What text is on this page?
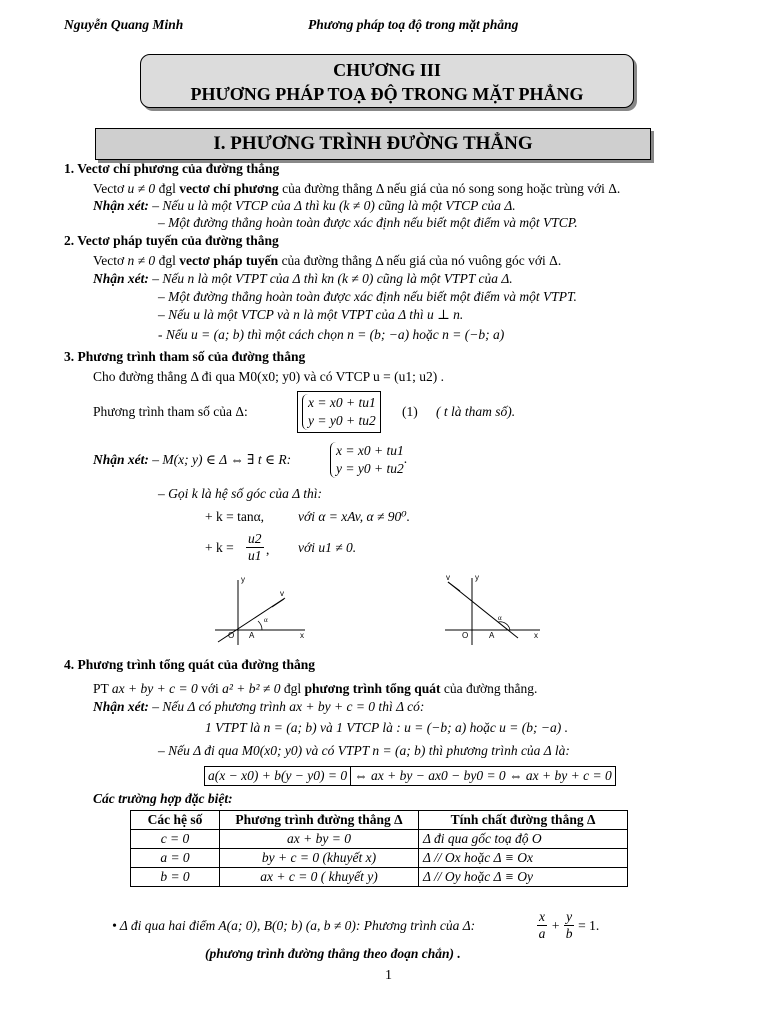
Nguyễn Quang Minh	Phương pháp toạ độ trong mặt phẳng
CHƯƠNG III
PHƯƠNG PHÁP TOẠ ĐỘ TRONG MẶT PHẲNG
I. PHƯƠNG TRÌNH ĐƯỜNG THẲNG
1. Vectơ chỉ phương của đường thẳng
Vectơ u ≠ 0 đgl vectơ chỉ phương của đường thẳng Δ nếu giá của nó song song hoặc trùng với Δ.
Nhận xét: – Nếu u là một VTCP của Δ thì ku (k ≠ 0) cũng là một VTCP của Δ.
– Một đường thẳng hoàn toàn được xác định nếu biết một điểm và một VTCP.
2. Vectơ pháp tuyến của đường thẳng
Vectơ n ≠ 0 đgl vectơ pháp tuyến của đường thẳng Δ nếu giá của nó vuông góc với Δ.
Nhận xét: – Nếu n là một VTPT của Δ thì kn (k ≠ 0) cũng là một VTPT của Δ.
– Một đường thẳng hoàn toàn được xác định nếu biết một điểm và một VTPT.
– Nếu u là một VTCP và n là một VTPT của Δ thì u ⊥ n.
- Nếu u = (a; b) thì một cách chọn n = (b; −a) hoặc n = (−b; a)
3. Phương trình tham số của đường thẳng
Cho đường thẳng Δ đi qua M0(x0; y0) và có VTCP u = (u1; u2) .
Phương trình tham số của Δ:
x = x0 + tu1
y = y0 + tu2
(1) ( t là tham số).
Nhận xét: – M(x; y) ∈ Δ ⇔ ∃ t ∈ R:
x = x0 + tu1
y = y0 + tu2.
– Gọi k là hệ số góc của Δ thì:
+ k = tanα,	với α = xAv, α ≠ 90⁰.
+ k =
u2
u1 , với u1 ≠ 0.
y
x
O A
v
α
y
x
O	A
v
α
4. Phương trình tổng quát của đường thẳng
PT ax + by + c = 0 với a² + b² ≠ 0 đgl phương trình tổng quát của đường thẳng.
Nhận xét: – Nếu Δ có phương trình ax + by + c = 0 thì Δ có:
1 VTPT là n = (a; b) và 1 VTCP là : u = (−b; a) hoặc u = (b; −a) .
– Nếu Δ đi qua M0(x0; y0) và có VTPT n = (a; b) thì phương trình của Δ là:
a(x − x0) + b(y − y0) = 0 ⇔ ax + by − ax0 − by0 = 0 ⇔ ax + by + c = 0
Các trường hợp đặc biệt:
Các hệ số	Phương trình đường thẳng Δ	Tính chất đường thẳng Δ
c = 0	ax + by = 0	Δ đi qua gốc toạ độ O
a = 0	by + c = 0 (khuyết x)	Δ // Ox hoặc Δ ≡ Ox
b = 0	ax + c = 0 ( khuyết y)	Δ // Oy hoặc Δ ≡ Oy
• Δ đi qua hai điểm A(a; 0), B(0; b) (a, b ≠ 0): Phương trình của Δ:
x
a
+ $\frac{y}{b} = 1$.
(phương trình đường thẳng theo đoạn chắn) .
1
